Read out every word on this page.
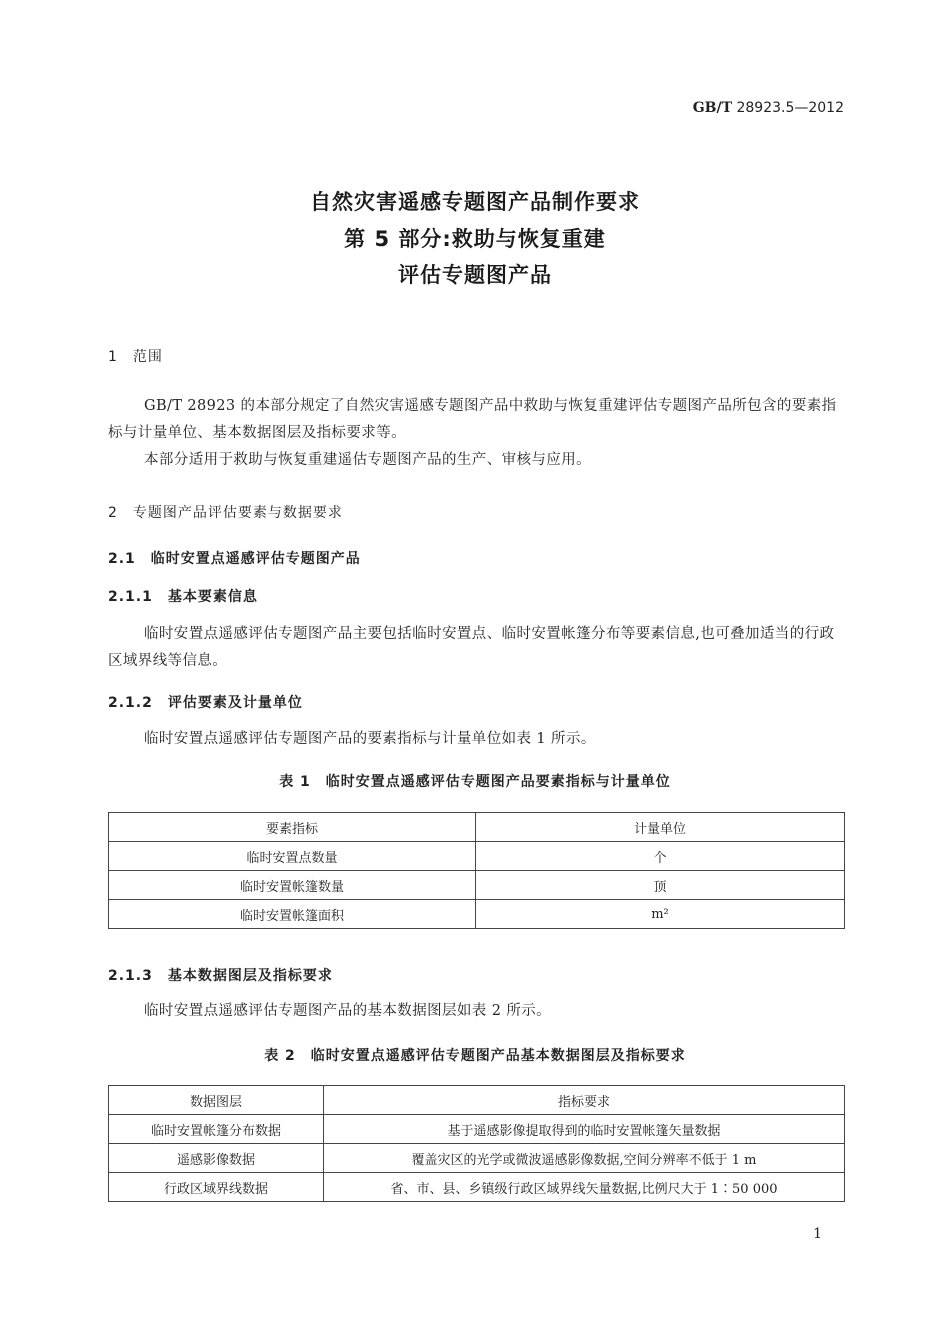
GB/T 28923.5—2012
自然灾害遥感专题图产品制作要求
第 5 部分:救助与恢复重建
评估专题图产品
1　范围

GB/T 28923 的本部分规定了自然灾害遥感专题图产品中救助与恢复重建评估专题图产品所包含的要素指标与计量单位、基本数据图层及指标要求等。

本部分适用于救助与恢复重建遥估专题图产品的生产、审核与应用。

2　专题图产品评估要素与数据要求
2.1　临时安置点遥感评估专题图产品
2.1.1　基本要素信息

临时安置点遥感评估专题图产品主要包括临时安置点、临时安置帐篷分布等要素信息,也可叠加适当的行政区域界线等信息。

2.1.2　评估要素及计量单位

临时安置点遥感评估专题图产品的要素指标与计量单位如表 1 所示。

表 1　临时安置点遥感评估专题图产品要素指标与计量单位
要素指标	计量单位
临时安置点数量	个
临时安置帐篷数量	顶
临时安置帐篷面积	m²
2.1.3　基本数据图层及指标要求

临时安置点遥感评估专题图产品的基本数据图层如表 2 所示。

表 2　临时安置点遥感评估专题图产品基本数据图层及指标要求
数据图层	指标要求
临时安置帐篷分布数据	基于遥感影像提取得到的临时安置帐篷矢量数据
遥感影像数据	覆盖灾区的光学或微波遥感影像数据,空间分辨率不低于 1 m
行政区域界线数据	省、市、县、乡镇级行政区域界线矢量数据,比例尺大于 1∶50 000
1
